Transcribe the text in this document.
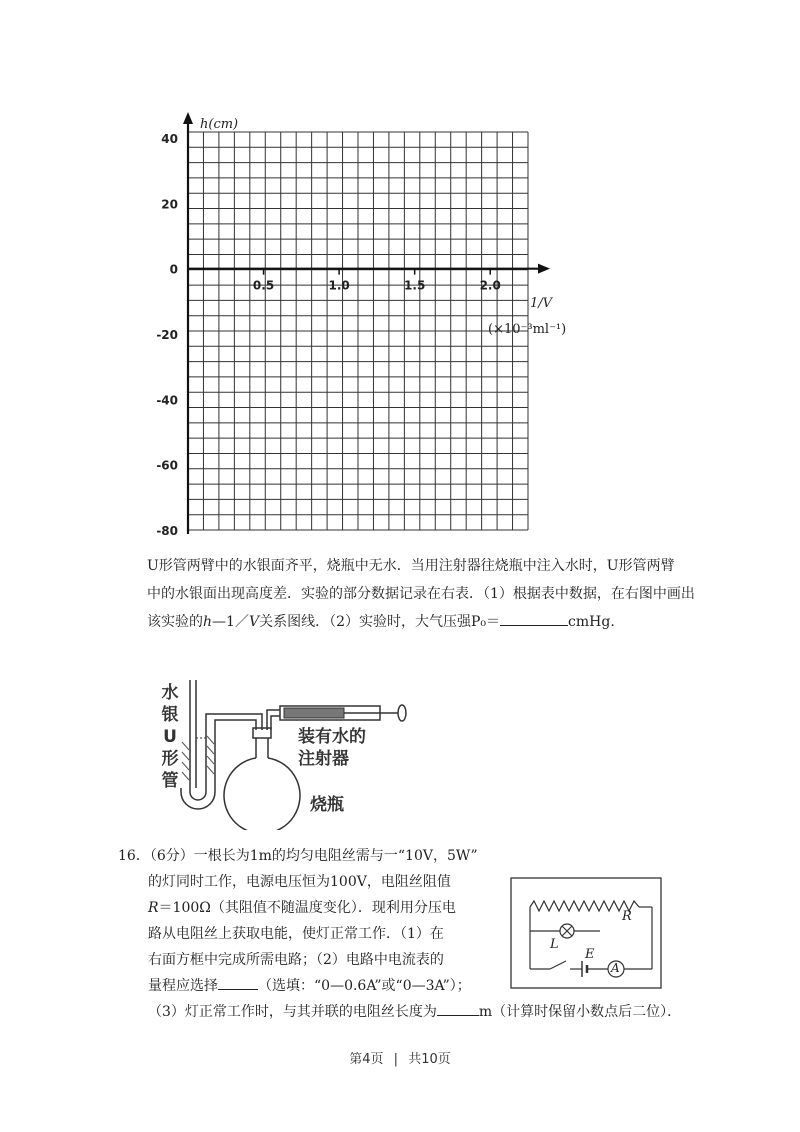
40
20
0
-20
-40
-60
-80
0.5	1.0	1.5	2.0
h(cm)
1/V
(×10⁻³ml⁻¹)
U形管两臂中的水银面齐平，烧瓶中无水．当用注射器往烧瓶中注入水时，U形管两臂
中的水银面出现高度差．实验的部分数据记录在右表．（1）根据表中数据，在右图中画出
该实验的h—1／V关系图线．（2）实验时，大气压强P₀＝	cmHg.
水
银
U
形
管
装有水的
注射器
烧瓶
16．（6分）一根长为1m的均匀电阻丝需与一“10V，5W”
的灯同时工作，电源电压恒为100V，电阻丝阻值
R＝100Ω（其阻值不随温度变化）．现利用分压电
路从电阻丝上获取电能，使灯正常工作．（1）在
右面方框中完成所需电路；（2）电路中电流表的
量程应选择	（选填：“0—0.6A”或“0—3A”）；
（3）灯正常工作时，与其并联的电阻丝长度为	m（计算时保留小数点后二位）．
R
L
E
A
第4页 | 共10页
